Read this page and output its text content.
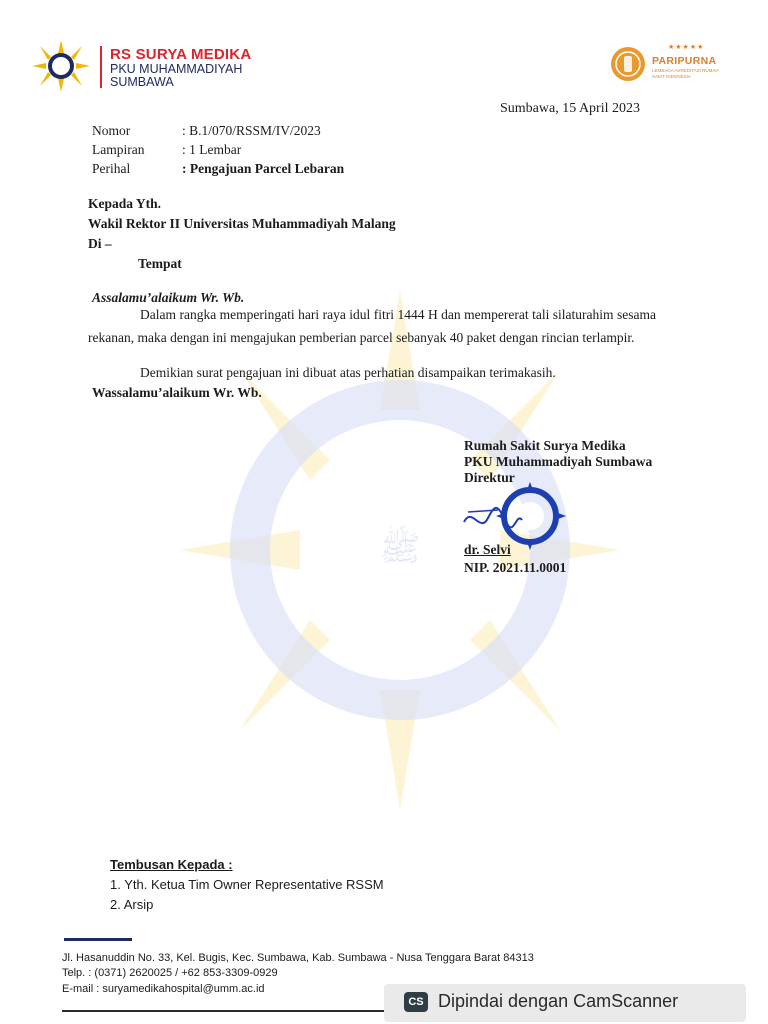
ﷺ
RS SURYA MEDIKA
PKU MUHAMMADIYAH
SUMBAWA
★★★★★
PARIPURNA
LEMBAGA AKREDITASI RUMAH SAKIT INDONESIA
Sumbawa, 15 April 2023
Nomor	: B.1/070/RSSM/IV/2023
Lampiran	: 1 Lembar
Perihal	: Pengajuan Parcel Lebaran
Kepada Yth.
Wakil Rektor II Universitas Muhammadiyah Malang
Di –
Tempat
Assalamu’alaikum Wr. Wb.
Dalam rangka memperingati hari raya idul fitri 1444 H dan mempererat tali silaturahim sesama rekanan, maka dengan ini mengajukan pemberian parcel sebanyak 40 paket dengan rincian terlampir.
Demikian surat pengajuan ini dibuat atas perhatian disampaikan terimakasih.
Wassalamu’alaikum Wr. Wb.
Rumah Sakit Surya Medika
PKU Muhammadiyah Sumbawa
Direktur
dr. Selvi
NIP. 2021.11.0001
Tembusan Kepada :
1. Yth. Ketua Tim Owner Representative RSSM
2. Arsip
Jl. Hasanuddin No. 33, Kel. Bugis, Kec. Sumbawa, Kab. Sumbawa - Nusa Tenggara Barat 84313
Telp. : (0371) 2620025 / +62 853-3309-0929
E-mail : suryamedikahospital@umm.ac.id
CS Dipindai dengan CamScanner
